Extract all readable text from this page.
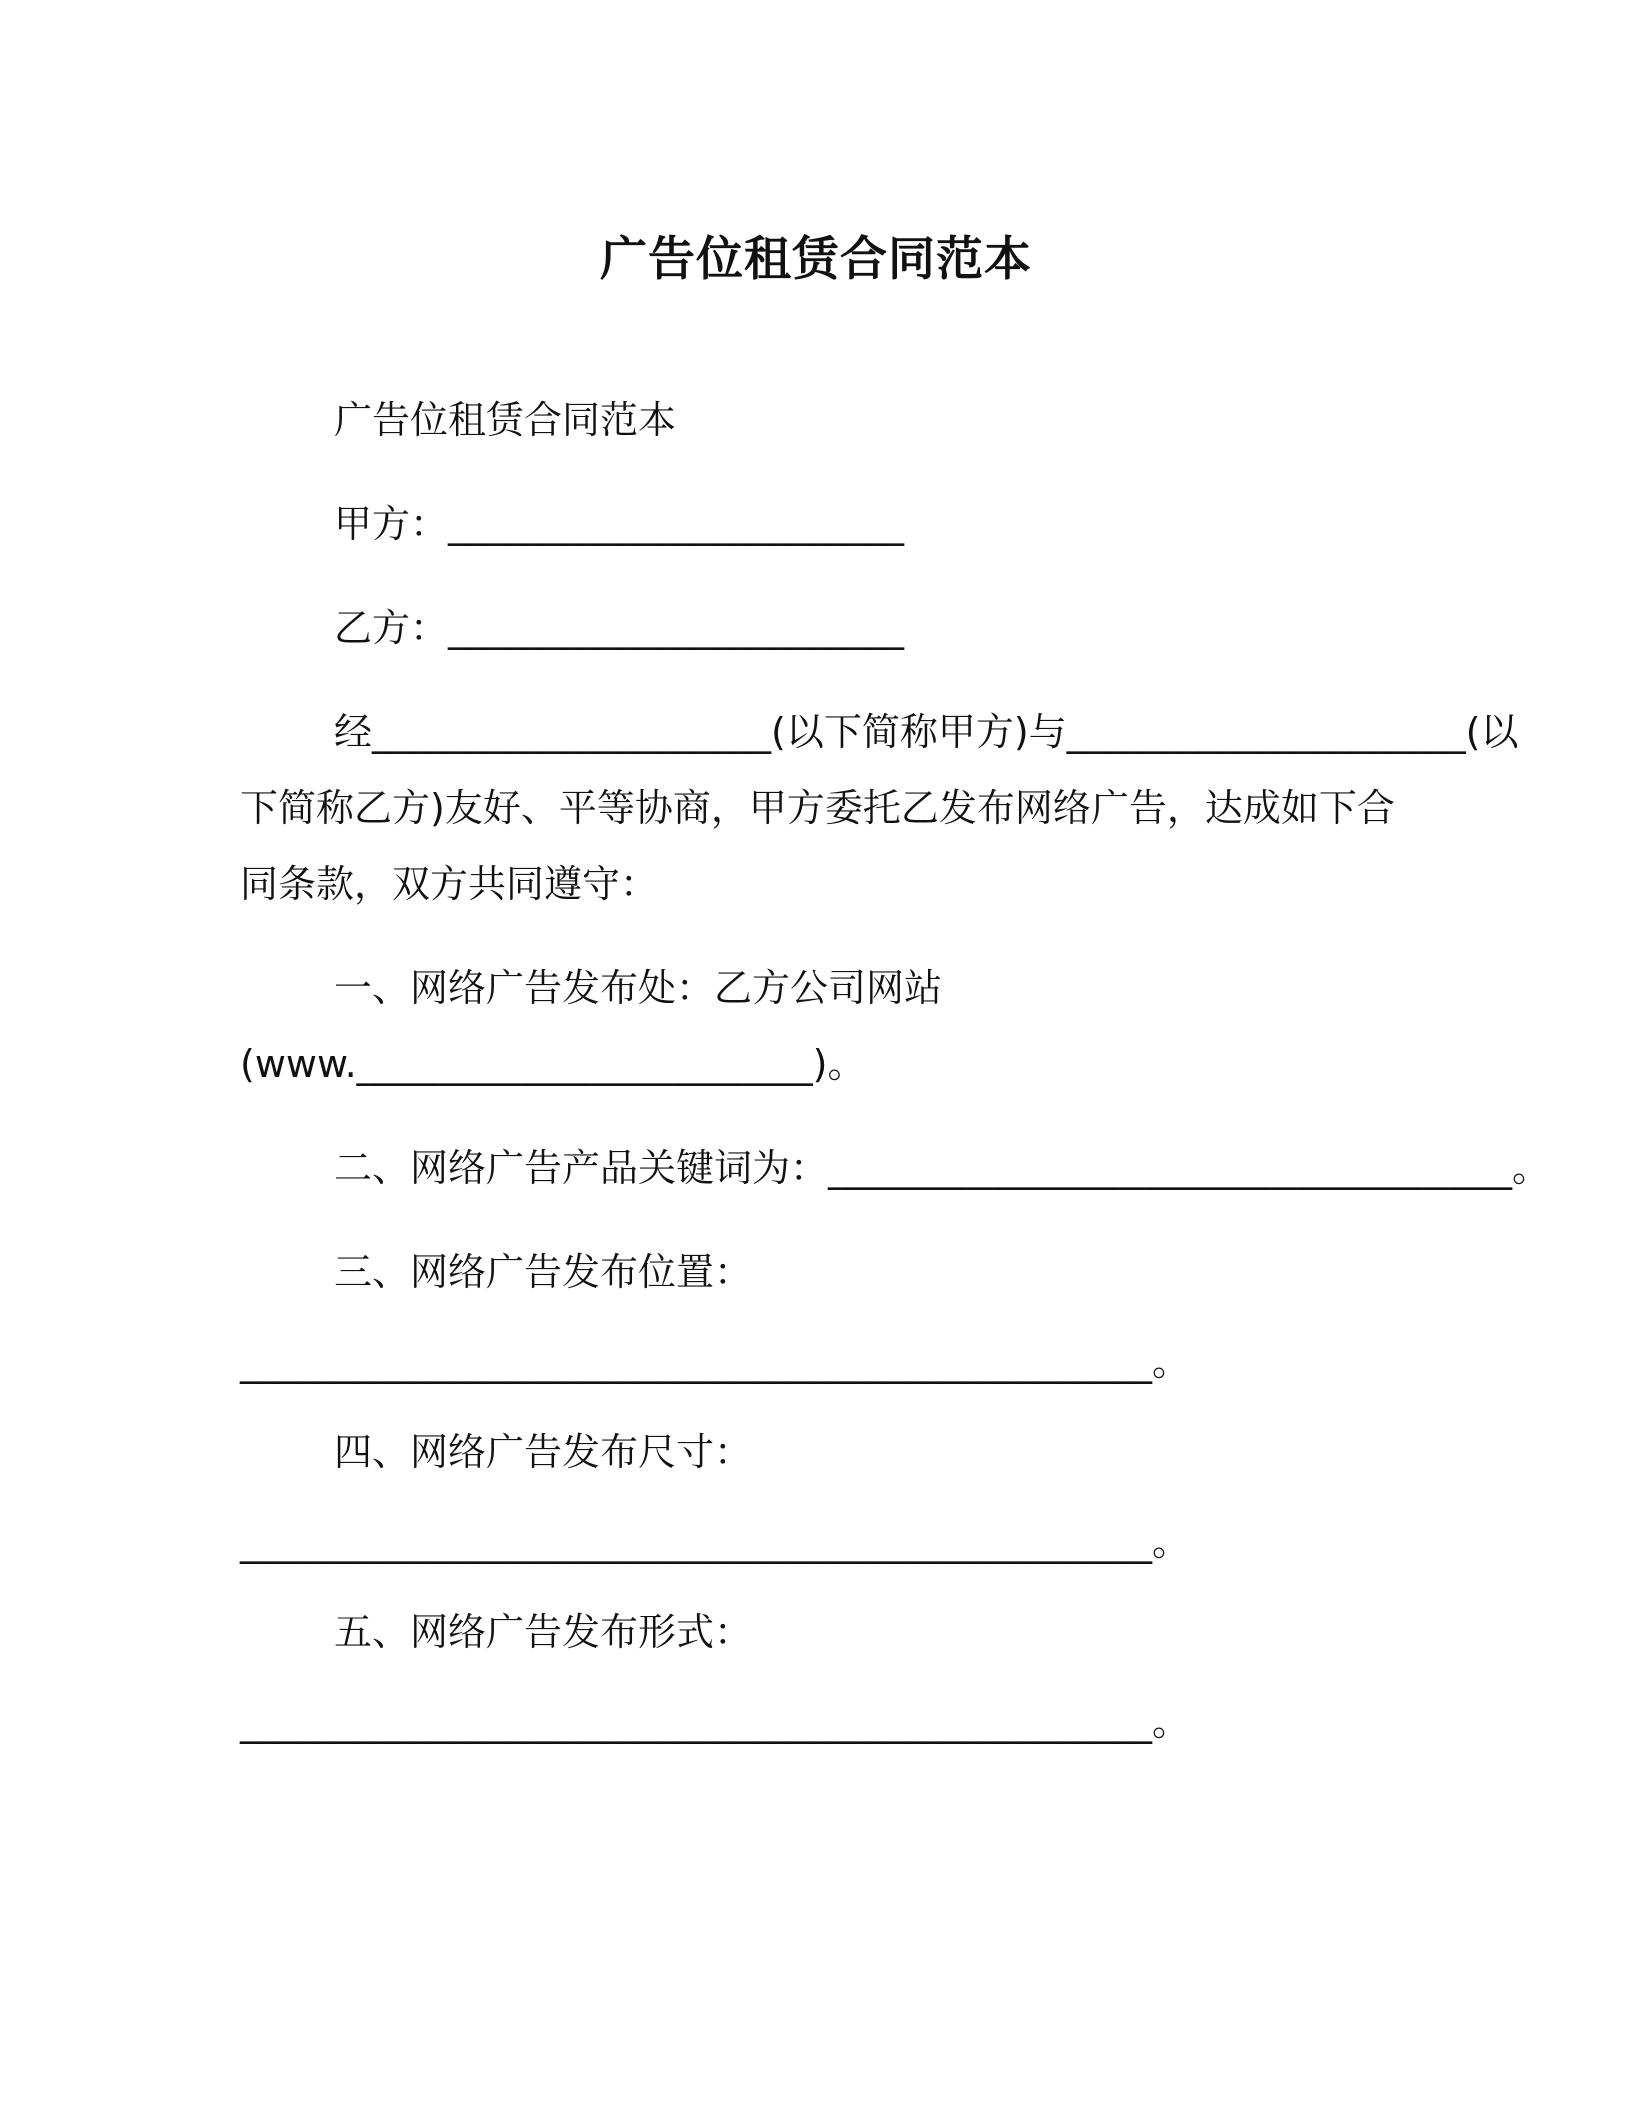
广告位租赁合同范本

广告位租赁合同范本

甲方：________________________

乙方：________________________

经_____________________(以下简称甲方)与_____________________(以

下简称乙方)友好、平等协商，甲方委托乙发布网络广告，达成如下合

同条款，双方共同遵守：

一、网络广告发布处：乙方公司网站

(www.________________________)。

二、网络广告产品关键词为：____________________________________。

三、网络广告发布位置：

________________________________________________。

四、网络广告发布尺寸：

________________________________________________。

五、网络广告发布形式：

________________________________________________。
